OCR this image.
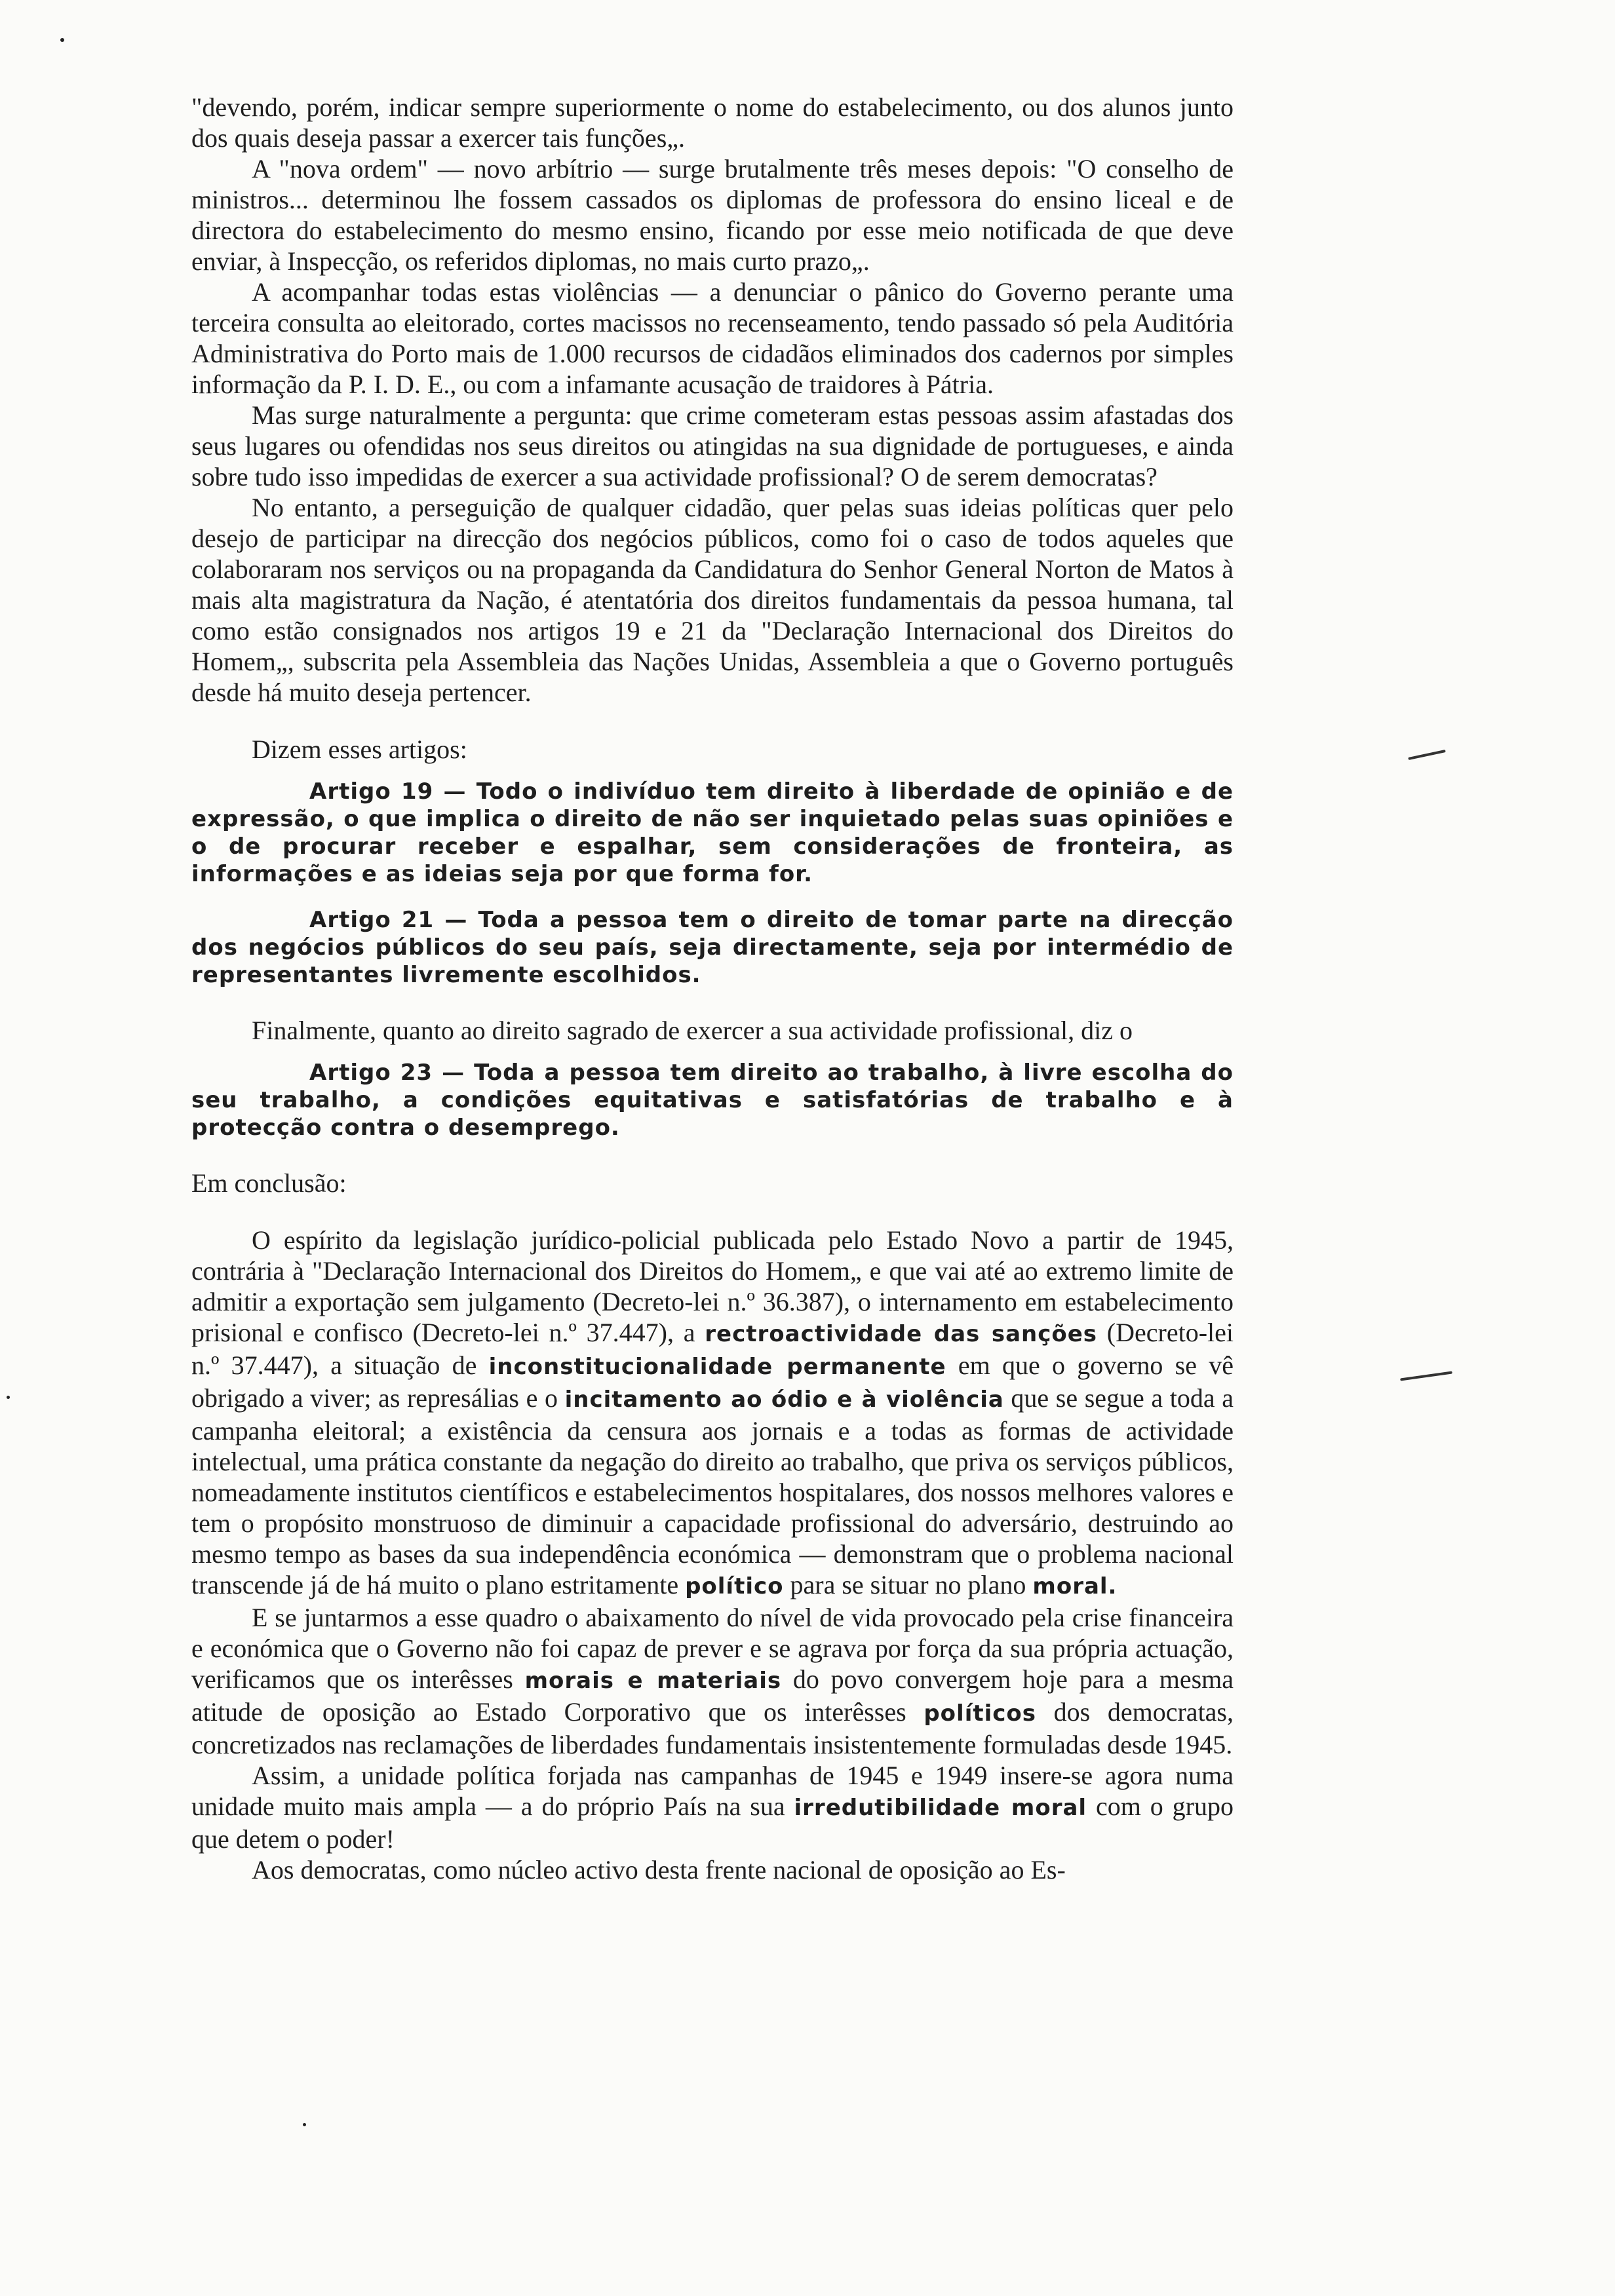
"devendo, porém, indicar sempre superiormente o nome do estabelecimento, ou dos alunos junto dos quais deseja passar a exercer tais funções„.

A "nova ordem" — novo arbítrio — surge brutalmente três meses depois: "O conselho de ministros... determinou lhe fossem cassados os diplomas de professora do ensino liceal e de directora do estabelecimento do mesmo ensino, ficando por esse meio notificada de que deve enviar, à Inspecção, os referidos diplomas, no mais curto prazo„.

A acompanhar todas estas violências — a denunciar o pânico do Governo perante uma terceira consulta ao eleitorado, cortes macissos no recenseamento, tendo passado só pela Auditória Administrativa do Porto mais de 1.000 recursos de cidadãos eliminados dos cadernos por simples informação da P. I. D. E., ou com a infamante acusação de traidores à Pátria.

Mas surge naturalmente a pergunta: que crime cometeram estas pessoas assim afastadas dos seus lugares ou ofendidas nos seus direitos ou atingidas na sua dignidade de portugueses, e ainda sobre tudo isso impedidas de exercer a sua actividade profissional? O de serem democratas?

No entanto, a perseguição de qualquer cidadão, quer pelas suas ideias políticas quer pelo desejo de participar na direcção dos negócios públicos, como foi o caso de todos aqueles que colaboraram nos serviços ou na propaganda da Candidatura do Senhor General Norton de Matos à mais alta magistratura da Nação, é atentatória dos direitos fundamentais da pessoa humana, tal como estão consignados nos artigos 19 e 21 da "Declaração Internacional dos Direitos do Homem„, subscrita pela Assembleia das Nações Unidas, Assembleia a que o Governo português desde há muito deseja pertencer.

Dizem esses artigos:

Artigo 19 — Todo o indivíduo tem direito à liberdade de opinião e de expressão, o que implica o direito de não ser inquietado pelas suas opiniões e o de procurar receber e espalhar, sem considerações de fronteira, as informações e as ideias seja por que forma for.

Artigo 21 — Toda a pessoa tem o direito de tomar parte na direcção dos negócios públicos do seu país, seja directamente, seja por intermédio de representantes livremente escolhidos.

Finalmente, quanto ao direito sagrado de exercer a sua actividade profissional, diz o

Artigo 23 — Toda a pessoa tem direito ao trabalho, à livre escolha do seu trabalho, a condições equitativas e satisfatórias de trabalho e à protecção contra o desemprego.

Em conclusão:

O espírito da legislação jurídico-policial publicada pelo Estado Novo a partir de 1945, contrária à "Declaração Internacional dos Direitos do Homem„ e que vai até ao extremo limite de admitir a exportação sem julgamento (Decreto-lei n.º 36.387), o internamento em estabelecimento prisional e confisco (Decreto-lei n.º 37.447), a rectroactividade das sanções (Decreto-lei n.º 37.447), a situação de inconstitucionalidade permanente em que o governo se vê obrigado a viver; as represálias e o incitamento ao ódio e à violência que se segue a toda a campanha eleitoral; a existência da censura aos jornais e a todas as formas de actividade intelectual, uma prática constante da negação do direito ao trabalho, que priva os serviços públicos, nomeadamente institutos científicos e estabelecimentos hospitalares, dos nossos melhores valores e tem o propósito monstruoso de diminuir a capacidade profissional do adversário, destruindo ao mesmo tempo as bases da sua independência económica — demonstram que o problema nacional transcende já de há muito o plano estritamente político para se situar no plano moral.

E se juntarmos a esse quadro o abaixamento do nível de vida provocado pela crise financeira e económica que o Governo não foi capaz de prever e se agrava por força da sua própria actuação, verificamos que os interêsses morais e materiais do povo convergem hoje para a mesma atitude de oposição ao Estado Corporativo que os interêsses políticos dos democratas, concretizados nas reclamações de liberdades fundamentais insistentemente formuladas desde 1945.

Assim, a unidade política forjada nas campanhas de 1945 e 1949 insere-se agora numa unidade muito mais ampla — a do próprio País na sua irredutibilidade moral com o grupo que detem o poder!

Aos democratas, como núcleo activo desta frente nacional de oposição ao Es-
